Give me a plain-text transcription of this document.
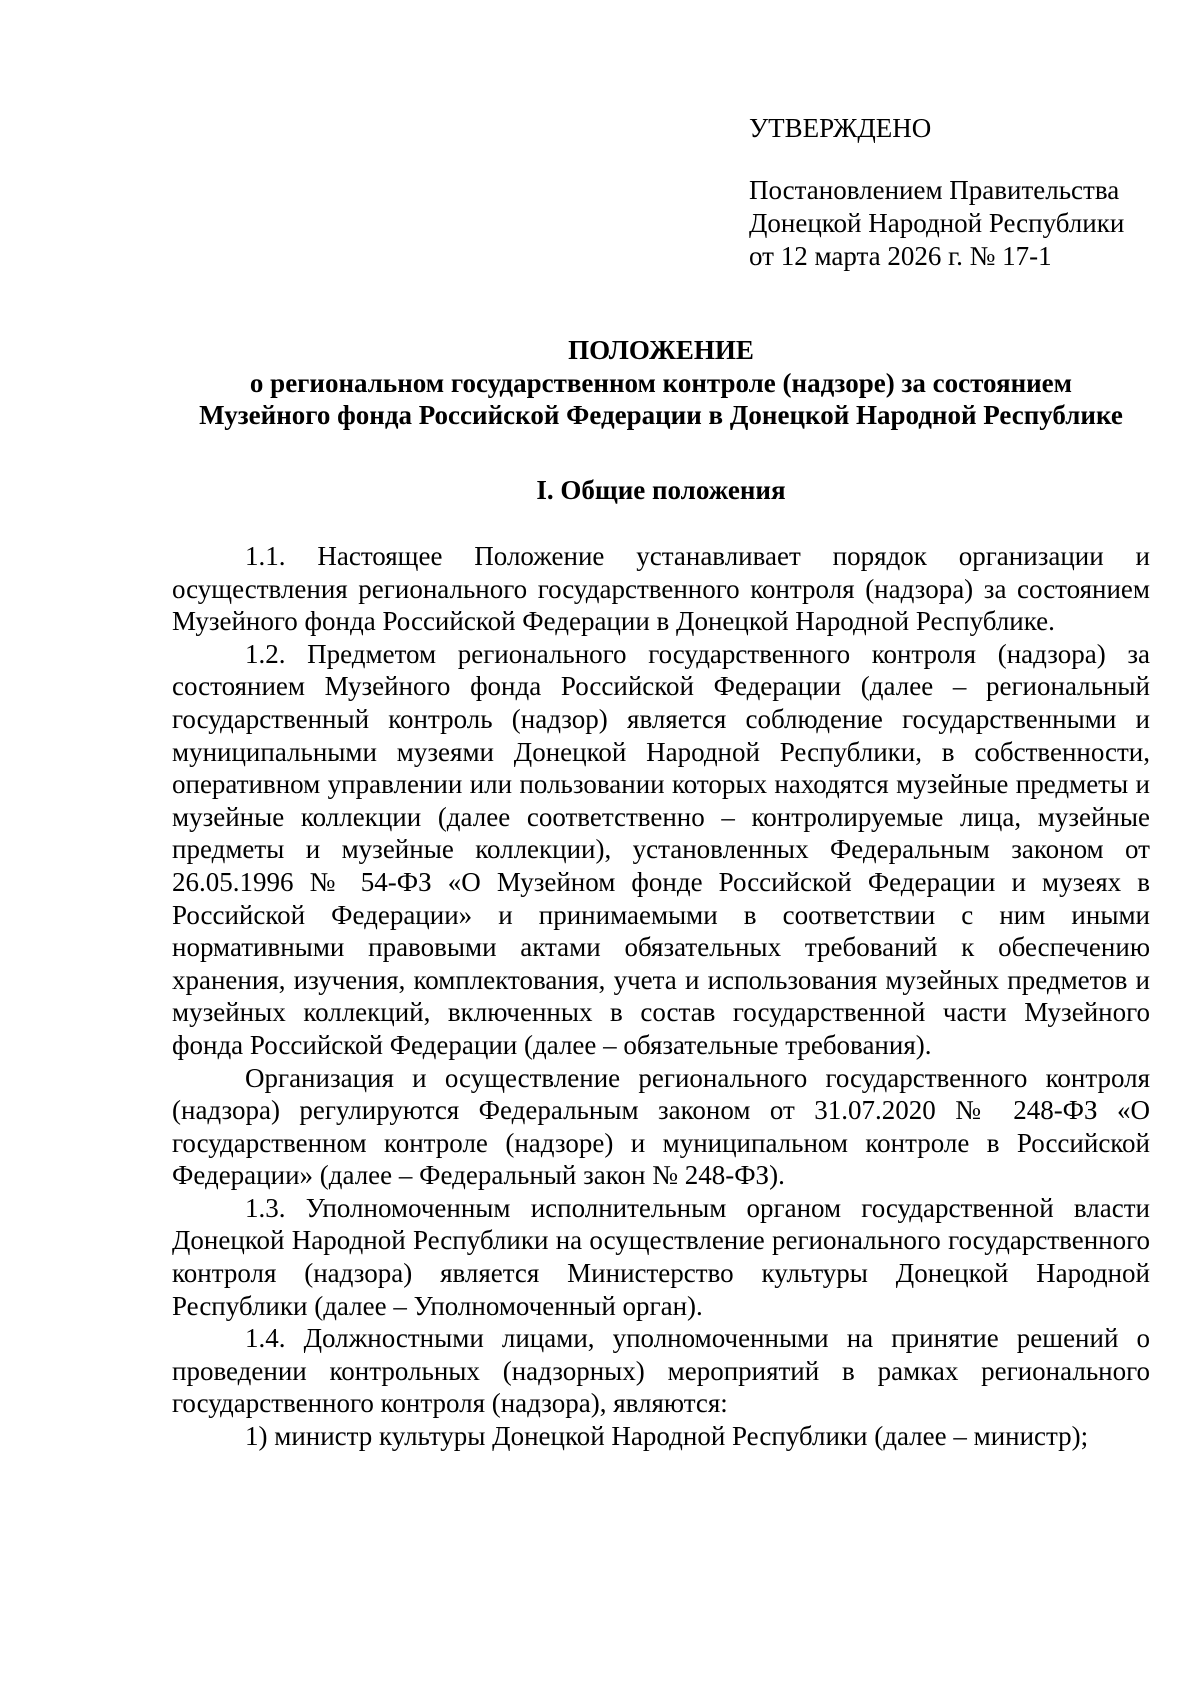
УТВЕРЖДЕНО
Постановлением Правительства
Донецкой Народной Республики
от 12 марта 2026 г. № 17-1
ПОЛОЖЕНИЕ
о региональном государственном контроле (надзоре) за состоянием
Музейного фонда Российской Федерации в Донецкой Народной Республике
I. Общие положения

1.1. Настоящее Положение устанавливает порядок организации и осуществления регионального государственного контроля (надзора) за состоянием Музейного фонда Российской Федерации в Донецкой Народной Республике.

1.2. Предметом регионального государственного контроля (надзора) за состоянием Музейного фонда Российской Федерации (далее – региональный государственный контроль (надзор) является соблюдение государственными и муниципальными музеями Донецкой Народной Республики, в собственности, оперативном управлении или пользовании которых находятся музейные предметы и музейные коллекции (далее соответственно – контролируемые лица, музейные предметы и музейные коллекции), установленных Федеральным законом от 26.05.1996 № 54-ФЗ «О Музейном фонде Российской Федерации и музеях в Российской Федерации» и принимаемыми в соответствии с ним иными нормативными правовыми актами обязательных требований к обеспечению хранения, изучения, комплектования, учета и использования музейных предметов и музейных коллекций, включенных в состав государственной части Музейного фонда Российской Федерации (далее – обязательные требования).

Организация и осуществление регионального государственного контроля (надзора) регулируются Федеральным законом от 31.07.2020 № 248-ФЗ «О государственном контроле (надзоре) и муниципальном контроле в Российской Федерации» (далее – Федеральный закон № 248-ФЗ).

1.3. Уполномоченным исполнительным органом государственной власти Донецкой Народной Республики на осуществление регионального государственного контроля (надзора) является Министерство культуры Донецкой Народной Республики (далее – Уполномоченный орган).

1.4. Должностными лицами, уполномоченными на принятие решений о проведении контрольных (надзорных) мероприятий в рамках регионального государственного контроля (надзора), являются:

1) министр культуры Донецкой Народной Республики (далее – министр);
